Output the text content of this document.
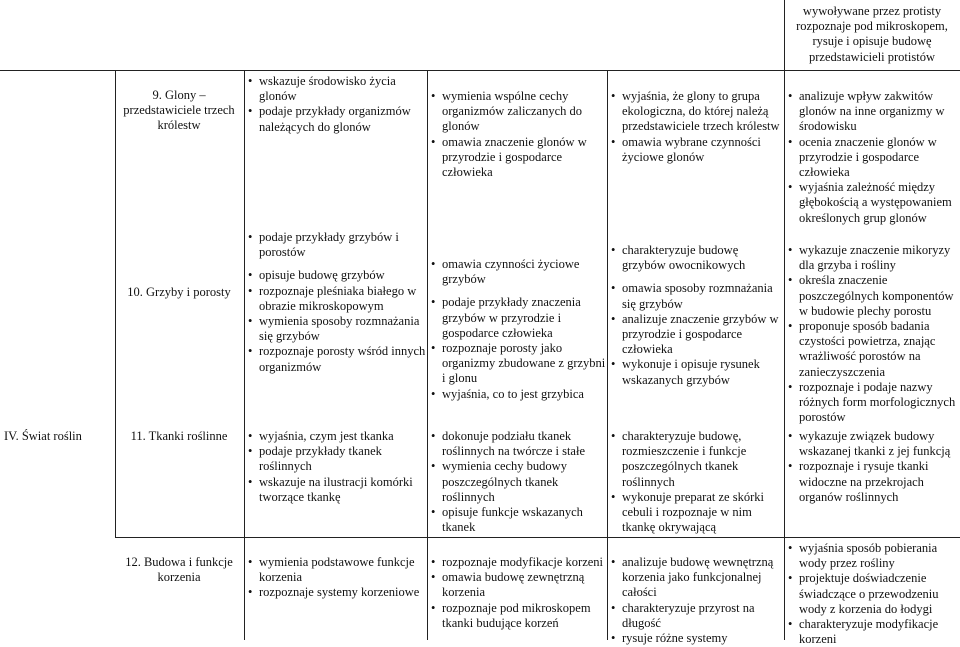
wywoływane przez protisty
rozpoznaje pod mikroskopem,
rysuje i opisuje budowę
przedstawicieli protistów
IV. Świat roślin
9. Glony – przedstawiciele trzech królestw
• wskazuje środowisko życia glonów
• podaje przykłady organizmów należących do glonów
• wymienia wspólne cechy organizmów zaliczanych do glonów
• omawia znaczenie glonów w przyrodzie i gospodarce człowieka
• wyjaśnia, że glony to grupa ekologiczna, do której należą przedstawiciele trzech królestw
• omawia wybrane czynności życiowe glonów
• analizuje wpływ zakwitów glonów na inne organizmy w środowisku
• ocenia znaczenie glonów w przyrodzie i gospodarce człowieka
• wyjaśnia zależność między głębokością a występowaniem określonych grup glonów
10. Grzyby i porosty
• podaje przykłady grzybów i porostów
• opisuje budowę grzybów
• rozpoznaje pleśniaka białego w obrazie mikroskopowym
• wymienia sposoby rozmnażania się grzybów
• rozpoznaje porosty wśród innych organizmów
• omawia czynności życiowe grzybów
• podaje przykłady znaczenia grzybów w przyrodzie i gospodarce człowieka
• rozpoznaje porosty jako organizmy zbudowane z grzybni i glonu
• wyjaśnia, co to jest grzybica
• charakteryzuje budowę grzybów owocnikowych
• omawia sposoby rozmnażania się grzybów
• analizuje znaczenie grzybów w przyrodzie i gospodarce człowieka
• wykonuje i opisuje rysunek wskazanych grzybów
• wykazuje znaczenie mikoryzy dla grzyba i rośliny
• określa znaczenie poszczególnych komponentów w budowie plechy porostu
• proponuje sposób badania czystości powietrza, znając wrażliwość porostów na zanieczyszczenia
• rozpoznaje i podaje nazwy różnych form morfologicznych porostów
11. Tkanki roślinne
•	wyjaśnia, czym jest tkanka
• podaje przykłady tkanek roślinnych
• wskazuje na ilustracji komórki tworzące tkankę
• dokonuje podziału tkanek roślinnych na twórcze i stałe
• wymienia cechy budowy poszczególnych tkanek roślinnych
• opisuje funkcje wskazanych tkanek
• charakteryzuje budowę, rozmieszczenie i funkcje poszczególnych tkanek roślinnych
• wykonuje preparat ze skórki cebuli i rozpoznaje w nim tkankę okrywającą
• wykazuje związek budowy wskazanej tkanki z jej funkcją
• rozpoznaje i rysuje tkanki widoczne na przekrojach organów roślinnych
12. Budowa i funkcje korzenia
• wymienia podstawowe funkcje korzenia
• rozpoznaje systemy korzeniowe
• rozpoznaje modyfikacje korzeni
• omawia budowę zewnętrzną korzenia
• rozpoznaje pod mikroskopem tkanki budujące korzeń
• analizuje budowę wewnętrzną korzenia jako funkcjonalnej całości
• charakteryzuje przyrost na długość
• rysuje różne systemy
• wyjaśnia sposób pobierania wody przez rośliny
• projektuje doświadczenie świadczące o przewodzeniu wody z korzenia do łodygi
• charakteryzuje modyfikacje korzeni
